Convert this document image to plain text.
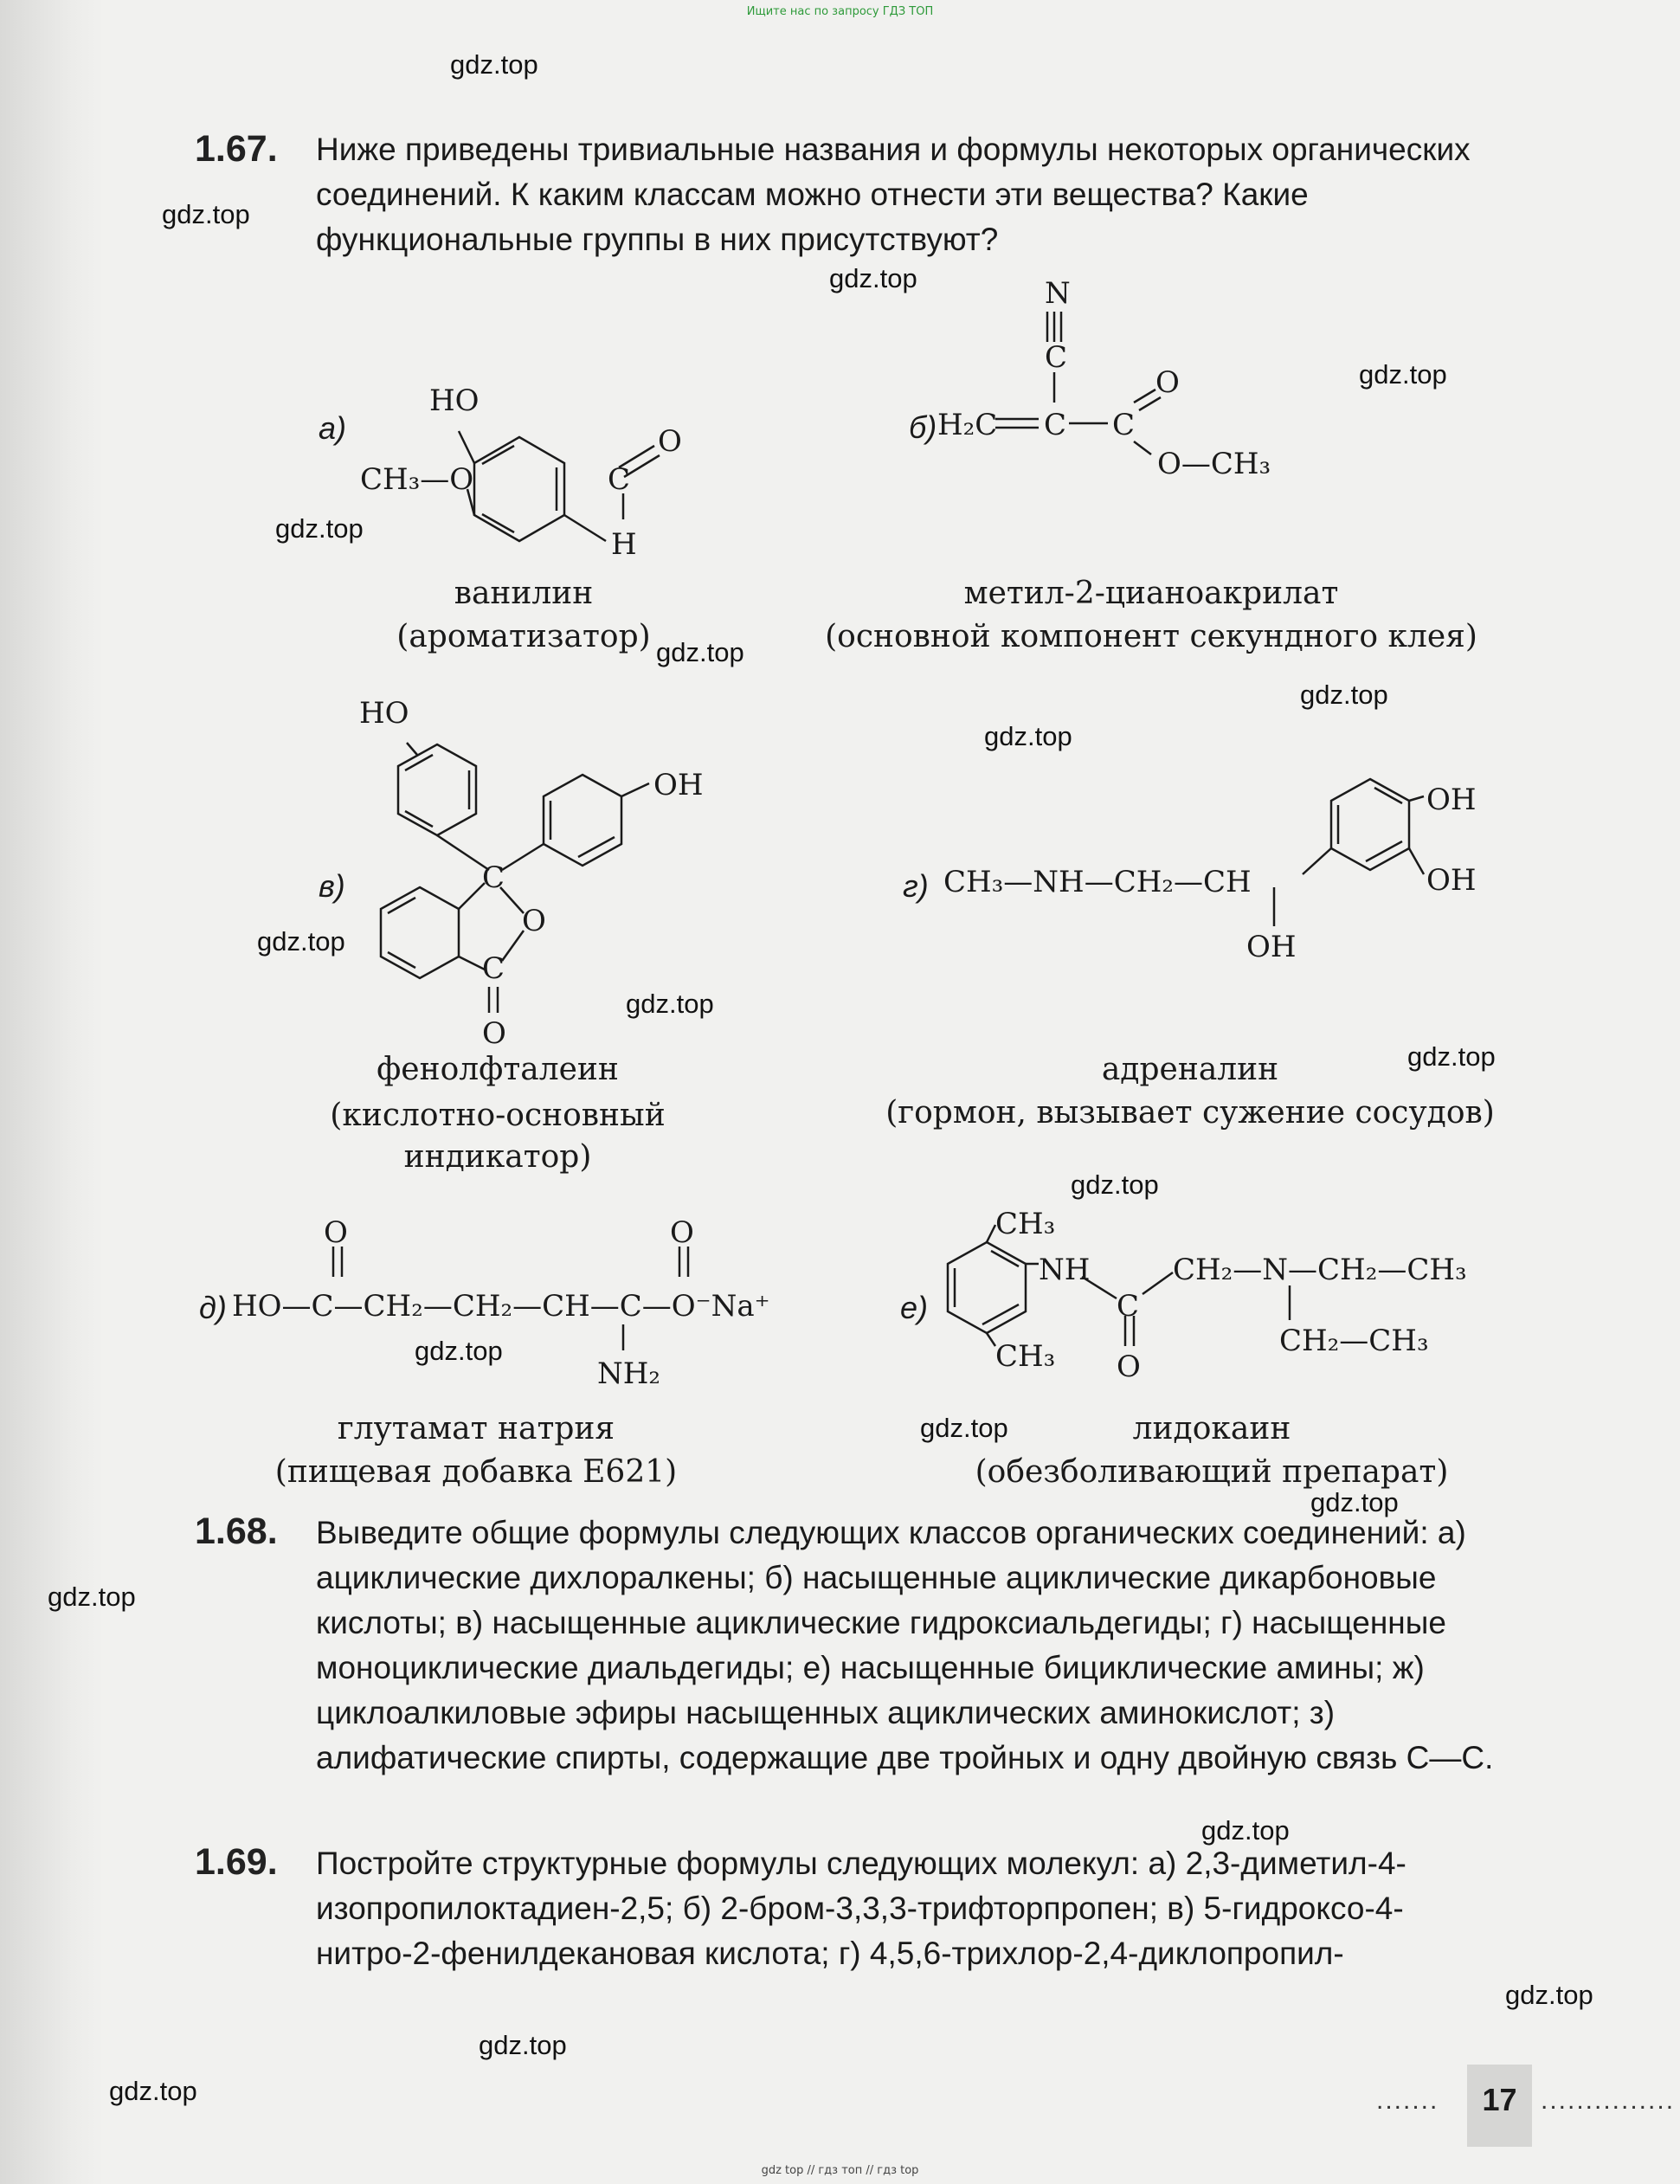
Ищите нас по запросу ГДЗ ТОП
gdz.top
gdz.top
gdz.top
gdz.top
gdz.top
gdz.top
gdz.top
gdz.top
gdz.top
gdz.top
gdz.top
gdz.top
gdz.top
gdz.top
gdz.top
gdz.top
gdz.top
gdz.top
gdz.top
gdz.top
1.67. Ниже приведены тривиальные названия и формулы некоторых органических соединений. К каким классам можно отнести эти вещества? Какие функциональные группы в них присутствуют?
а)
HO
CH₃—O	C
O
H
ванилин
(ароматизатор)
б)
N
C
H₂C C C
O
O—CH₃
метил-2-цианоакрилат
(основной компонент секундного клея)
в)
HO
OH
C
O
C
O
фенолфталеин
(кислотно-основный индикатор)
г) CH₃—NH—CH₂—CH
OH
OH
OH
адреналин
(гормон, вызывает сужение сосудов)
д)
O	O
HO—C—CH₂—CH₂—CH—C—O⁻Na⁺
NH₂
глутамат натрия
(пищевая добавка E621)
е)
CH₃
NH
C
CH₂—N—CH₂—CH₃
CH₃ O
CH₂—CH₃
лидокаин
(обезболивающий препарат)
1.68. Выведите общие формулы следующих классов органических соединений: а) ациклические дихлоралкены; б) насыщенные ациклические дикарбоновые кислоты; в) насыщенные ациклические гидроксиальдегиды; г) насыщенные моноциклические диальдегиды; е) насыщенные бициклические амины; ж) циклоалкиловые эфиры насыщенных ациклических аминокислот; з) алифатические спирты, содержащие две тройных и одну двойную связь С—С.
1.69. Постройте структурные формулы следующих молекул: а) 2,3-диметил-4-изопропилоктадиен-2,5; б) 2-бром-3,3,3-трифторпропен; в) 5-гидроксо-4-нитро-2-фенилдекановая кислота; г) 4,5,6-трихлор-2,4-диклопропил-
.......	17 ...............
gdz top // гдз топ // гдз top
